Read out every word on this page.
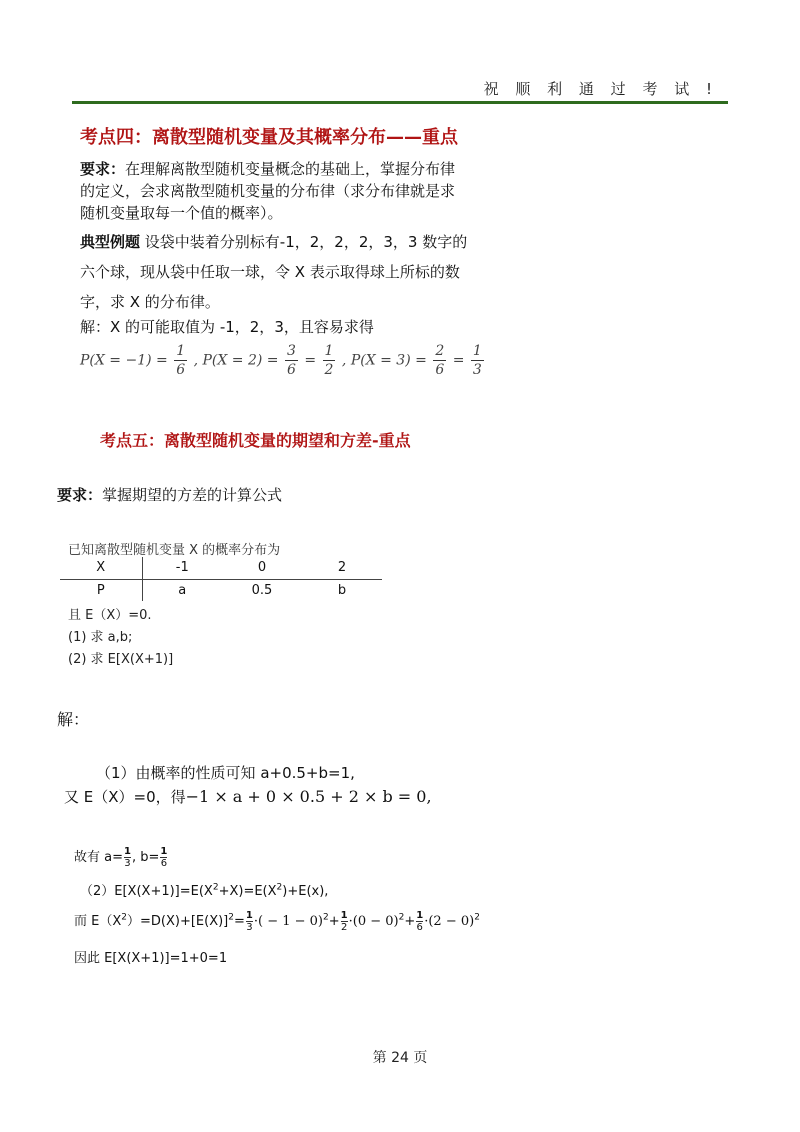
祝 顺 利 通 过 考 试 !
考点四：离散型随机变量及其概率分布——重点
要求：在理解离散型随机变量概念的基础上，掌握分布律
的定义，会求离散型随机变量的分布律（求分布律就是求
随机变量取每一个值的概率）。
典型例题 设袋中装着分别标有-1，2，2，2，3，3 数字的
六个球，现从袋中任取一球，令 X 表示取得球上所标的数
字，求 X 的分布律。
解：X 的可能取值为 -1，2，3，且容易求得
$P(X = -1) = \frac{1}{6}$ , $P(X = 2) = \frac{3}{6} = \frac{1}{2}$ , $P(X = 3) = \frac{2}{6} = \frac{1}{3}$
考点五：离散型随机变量的期望和方差-重点
要求：掌握期望的方差的计算公式
已知离散型随机变量 X 的概率分布为
X	-1	0	2
P	a	0.5	b
且 E（X）=0.
(1) 求 a,b;
(2) 求 E[X(X+1)]
解：
（1）由概率的性质可知 a+0.5+b=1,
又 E（X）=0，得−1 × a + 0 × 0.5 + 2 × b = 0,
故有 $a= \frac{1}{3}$ , $b= \frac{1}{6}$
$(2)E[X(X+1)]=E(X^2+X)=E(X^2)+E(x)$,
而 $E(X^2)=D(X)+[E(X)]^2= \frac{1}{3}$ ·( − $1 - 0)^2+ \frac{1}{2} \cdot(0 - 0)^2+ \frac{1}{6} \cdot(2 - 0)^2$
因此 E[X(X+1)]=1+0=1
第 24 页
